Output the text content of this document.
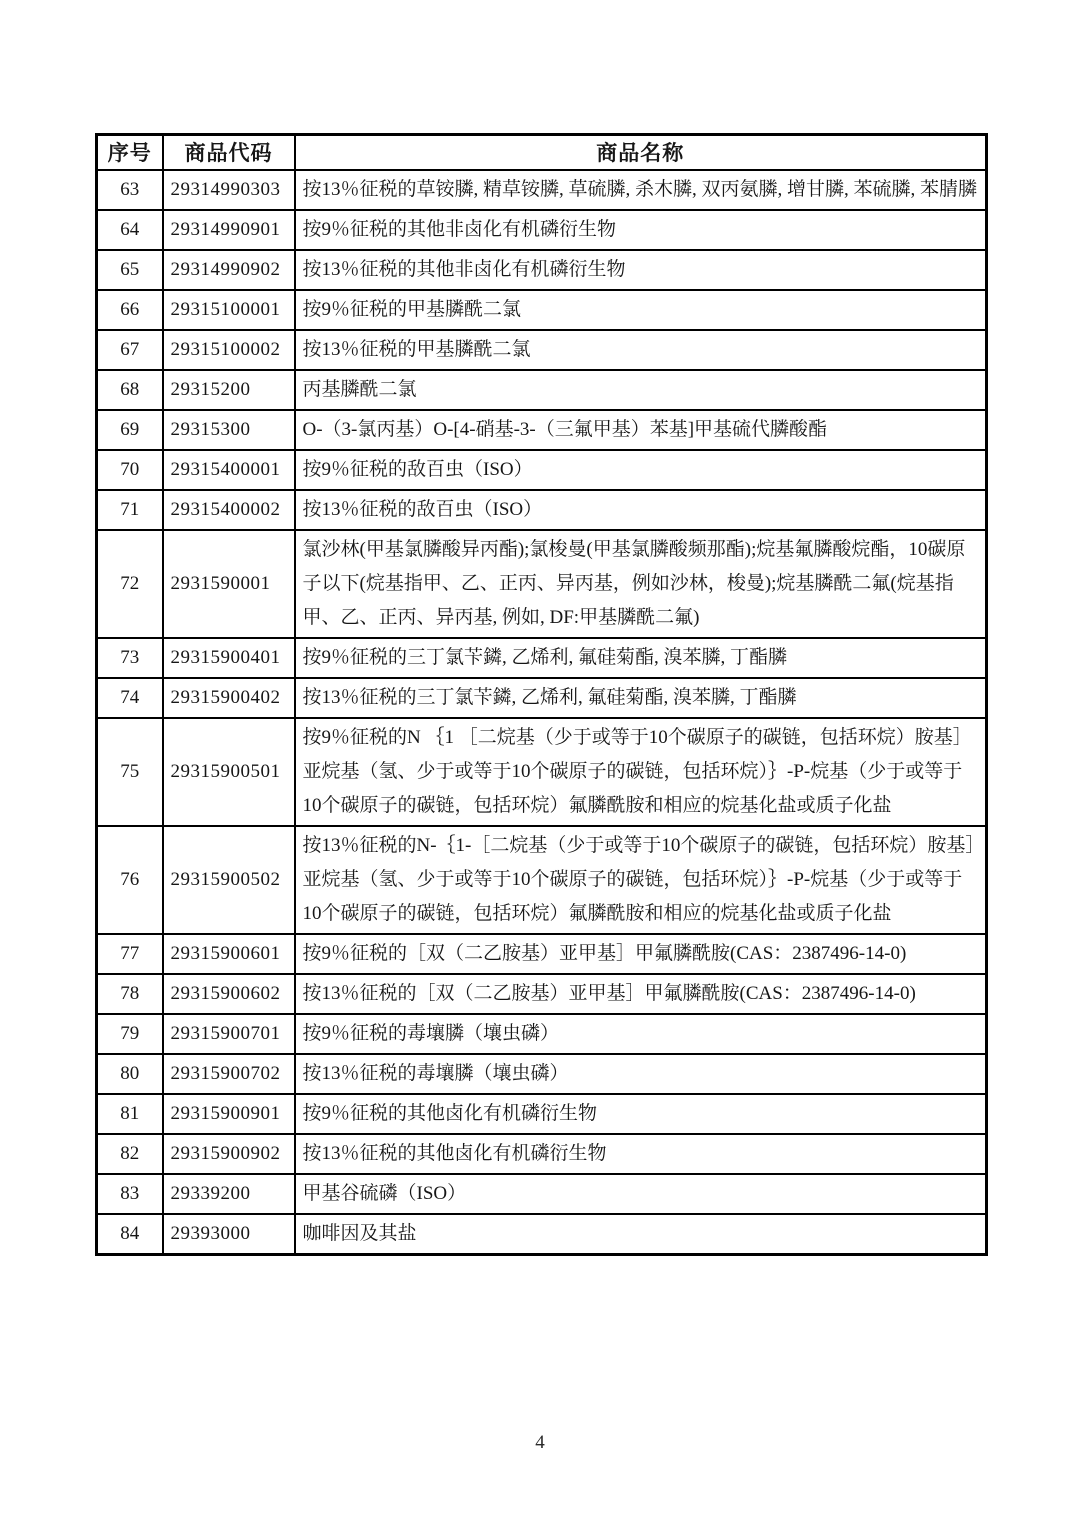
序号	商品代码	商品名称
63	29314990303	按13％征税的草铵膦, 精草铵膦, 草硫膦, 杀木膦, 双丙氨膦, 增甘膦, 苯硫膦, 苯腈膦
64	29314990901	按9％征税的其他非卤化有机磷衍生物
65	29314990902	按13％征税的其他非卤化有机磷衍生物
66	29315100001	按9％征税的甲基膦酰二氯
67	29315100002	按13％征税的甲基膦酰二氯
68	29315200	丙基膦酰二氯
69	29315300	O-（3-氯丙基）O-[4-硝基-3-（三氟甲基）苯基]甲基硫代膦酸酯
70	29315400001	按9％征税的敌百虫（ISO）
71	29315400002	按13％征税的敌百虫（ISO）
72	2931590001	氯沙林(甲基氯膦酸异丙酯);氯梭曼(甲基氯膦酸频那酯);烷基氟膦酸烷酯，10碳原子以下(烷基指甲、乙、正丙、异丙基，例如沙林，梭曼);烷基膦酰二氟(烷基指甲、乙、正丙、异丙基, 例如, DF:甲基膦酰二氟)
73	29315900401	按9％征税的三丁氯苄鏻, 乙烯利, 氟硅菊酯, 溴苯膦, 丁酯膦
74	29315900402	按13％征税的三丁氯苄鏻, 乙烯利, 氟硅菊酯, 溴苯膦, 丁酯膦
75	29315900501	按9％征税的N ｛1 ［二烷基（少于或等于10个碳原子的碳链，包括环烷）胺基］亚烷基（氢、少于或等于10个碳原子的碳链，包括环烷）｝-P-烷基（少于或等于10个碳原子的碳链，包括环烷）氟膦酰胺和相应的烷基化盐或质子化盐
76	29315900502	按13％征税的N-｛1-［二烷基（少于或等于10个碳原子的碳链，包括环烷）胺基］亚烷基（氢、少于或等于10个碳原子的碳链，包括环烷）｝-P-烷基（少于或等于10个碳原子的碳链，包括环烷）氟膦酰胺和相应的烷基化盐或质子化盐
77	29315900601	按9％征税的［双（二乙胺基）亚甲基］甲氟膦酰胺(CAS：2387496-14-0)
78	29315900602	按13％征税的［双（二乙胺基）亚甲基］甲氟膦酰胺(CAS：2387496-14-0)
79	29315900701	按9％征税的毒壤膦（壤虫磷）
80	29315900702	按13％征税的毒壤膦（壤虫磷）
81	29315900901	按9％征税的其他卤化有机磷衍生物
82	29315900902	按13％征税的其他卤化有机磷衍生物
83	29339200	甲基谷硫磷（ISO）
84	29393000	咖啡因及其盐
4
